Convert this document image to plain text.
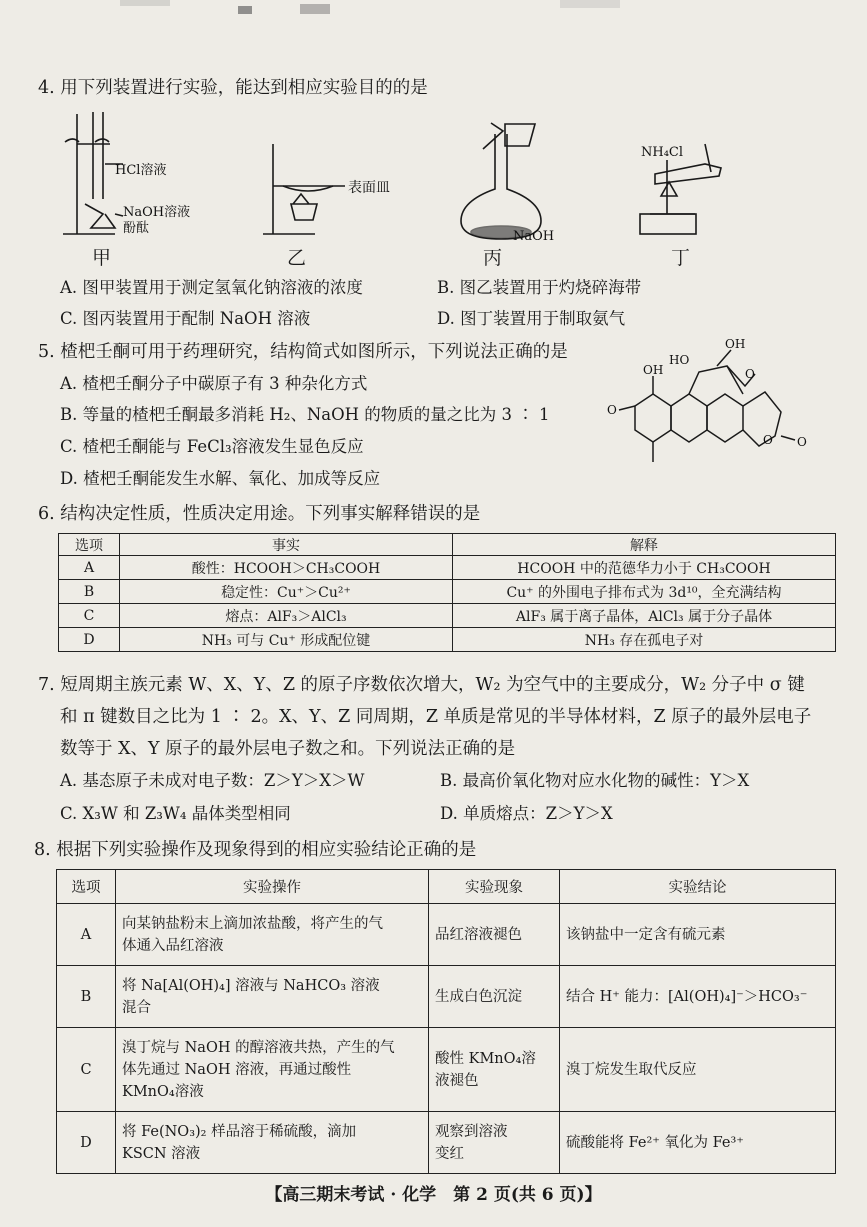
4. 用下列装置进行实验，能达到相应实验目的的是
HCl溶液
NaOH溶液
酚酞
表面皿
NaOH
NH₄Cl
甲	乙	丙	丁
A. 图甲装置用于测定氢氧化钠溶液的浓度	B. 图乙装置用于灼烧碎海带
C. 图丙装置用于配制 NaOH 溶液	D. 图丁装置用于制取氨气
5. 楂杷壬酮可用于药理研究，结构简式如图所示，下列说法正确的是
A. 楂杷壬酮分子中碳原子有 3 种杂化方式
B. 等量的楂杷壬酮最多消耗 H₂、NaOH 的物质的量之比为 3 ∶ 1
C. 楂杷壬酮能与 FeCl₃溶液发生显色反应
D. 楂杷壬酮能发生水解、氧化、加成等反应
OH
HO
OH
O
O
O O
6. 结构决定性质，性质决定用途。下列事实解释错误的是
选项	事实	解释
A	酸性：HCOOH＞CH₃COOH	HCOOH 中的范德华力小于 CH₃COOH
B	稳定性：Cu⁺＞Cu²⁺	Cu⁺ 的外围电子排布式为 3d¹⁰，全充满结构
C	熔点：AlF₃＞AlCl₃	AlF₃ 属于离子晶体，AlCl₃ 属于分子晶体
D	NH₃ 可与 Cu⁺ 形成配位键	NH₃ 存在孤电子对
7. 短周期主族元素 W、X、Y、Z 的原子序数依次增大，W₂ 为空气中的主要成分，W₂ 分子中 σ 键
和 π 键数目之比为 1 ∶ 2。X、Y、Z 同周期，Z 单质是常见的半导体材料，Z 原子的最外层电子
数等于 X、Y 原子的最外层电子数之和。下列说法正确的是
A. 基态原子未成对电子数：Z＞Y＞X＞W	B. 最高价氧化物对应水化物的碱性：Y＞X
C. X₃W 和 Z₃W₄ 晶体类型相同	D. 单质熔点：Z＞Y＞X
8. 根据下列实验操作及现象得到的相应实验结论正确的是
选项	实验操作	实验现象	实验结论
A	向某钠盐粉末上滴加浓盐酸，将产生的气
体通入品红溶液	品红溶液褪色	该钠盐中一定含有硫元素
B	将 Na[Al(OH)₄] 溶液与 NaHCO₃ 溶液
混合	生成白色沉淀	结合 H⁺ 能力：[Al(OH)₄]⁻＞HCO₃⁻
C	溴丁烷与 NaOH 的醇溶液共热，产生的气
体先通过 NaOH 溶液，再通过酸性
KMnO₄溶液	酸性 KMnO₄溶
液褪色	溴丁烷发生取代反应
D	将 Fe(NO₃)₂ 样品溶于稀硫酸，滴加
KSCN 溶液	观察到溶液
变红	硫酸能将 Fe²⁺ 氧化为 Fe³⁺
【高三期末考试 · 化学　第 2 页(共 6 页)】
